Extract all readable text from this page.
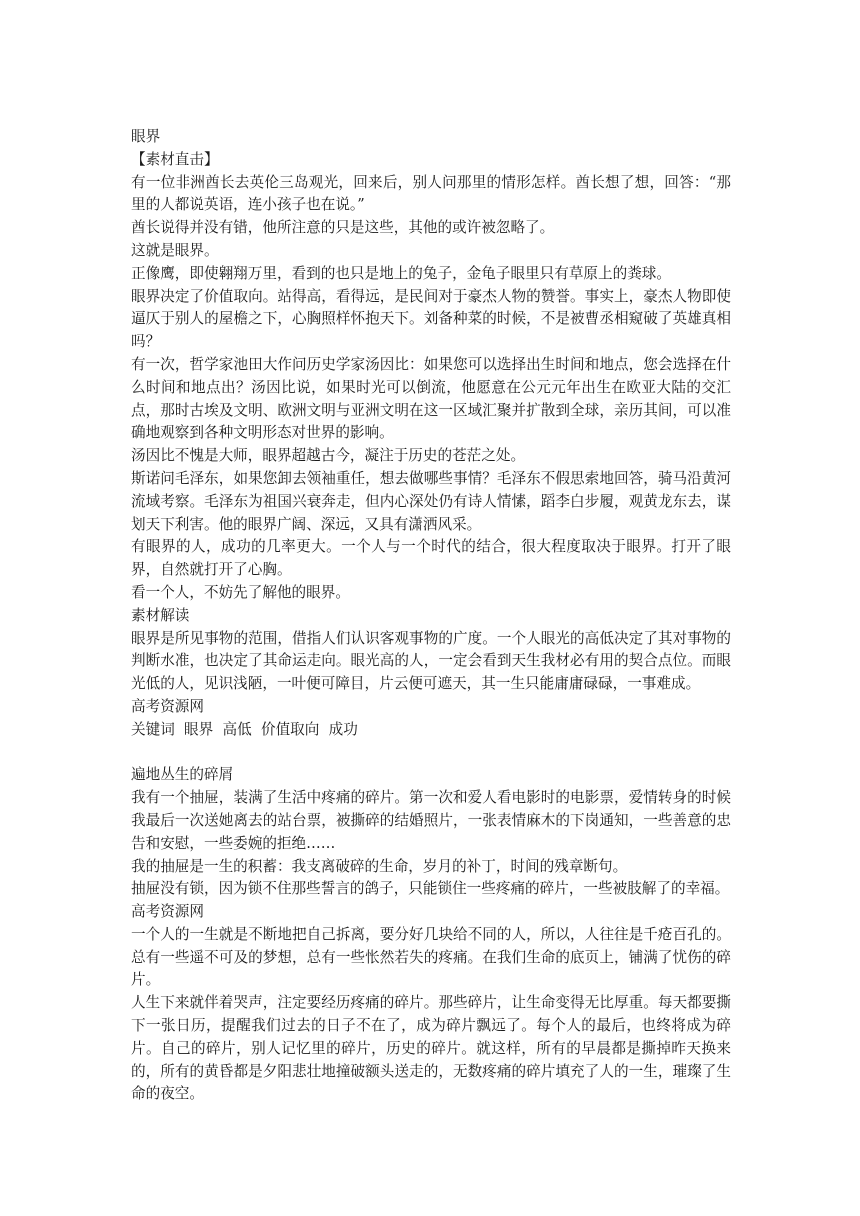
眼界
【素材直击】
有一位非洲酋长去英伦三岛观光，回来后，别人问那里的情形怎样。酋长想了想，回答：“那里的人都说英语，连小孩子也在说。”
酋长说得并没有错，他所注意的只是这些，其他的或许被忽略了。
这就是眼界。
正像鹰，即使翱翔万里，看到的也只是地上的兔子，金龟子眼里只有草原上的粪球。
眼界决定了价值取向。站得高，看得远，是民间对于豪杰人物的赞誉。事实上，豪杰人物即使逼仄于别人的屋檐之下，心胸照样怀抱天下。刘备种菜的时候，不是被曹丞相窥破了英雄真相吗？
有一次，哲学家池田大作问历史学家汤因比：如果您可以选择出生时间和地点，您会选择在什么时间和地点出？汤因比说，如果时光可以倒流，他愿意在公元元年出生在欧亚大陆的交汇点，那时古埃及文明、欧洲文明与亚洲文明在这一区域汇聚并扩散到全球，亲历其间，可以准确地观察到各种文明形态对世界的影响。
汤因比不愧是大师，眼界超越古今，凝注于历史的苍茫之处。
斯诺问毛泽东，如果您卸去领袖重任，想去做哪些事情？毛泽东不假思索地回答，骑马沿黄河流域考察。毛泽东为祖国兴衰奔走，但内心深处仍有诗人情愫，蹈李白步履，观黄龙东去，谋划天下利害。他的眼界广阔、深远，又具有潇洒风采。
有眼界的人，成功的几率更大。一个人与一个时代的结合，很大程度取决于眼界。打开了眼界，自然就打开了心胸。
看一个人，不妨先了解他的眼界。
素材解读
眼界是所见事物的范围，借指人们认识客观事物的广度。一个人眼光的高低决定了其对事物的判断水准，也决定了其命运走向。眼光高的人，一定会看到天生我材必有用的契合点位。而眼光低的人，见识浅陋，一叶便可障目，片云便可遮天，其一生只能庸庸碌碌，一事难成。
高考资源网
关键词  眼界  高低  价值取向  成功
遍地丛生的碎屑
我有一个抽屉，装满了生活中疼痛的碎片。第一次和爱人看电影时的电影票，爱情转身的时候我最后一次送她离去的站台票，被撕碎的结婚照片，一张表情麻木的下岗通知，一些善意的忠告和安慰，一些委婉的拒绝……
我的抽屉是一生的积蓄：我支离破碎的生命，岁月的补丁，时间的残章断句。
抽屉没有锁，因为锁不住那些誓言的鸽子，只能锁住一些疼痛的碎片，一些被肢解了的幸福。
高考资源网
一个人的一生就是不断地把自己拆离，要分好几块给不同的人，所以，人往往是千疮百孔的。总有一些遥不可及的梦想，总有一些怅然若失的疼痛。在我们生命的底页上，铺满了忧伤的碎片。
人生下来就伴着哭声，注定要经历疼痛的碎片。那些碎片，让生命变得无比厚重。每天都要撕下一张日历，提醒我们过去的日子不在了，成为碎片飘远了。每个人的最后，也终将成为碎片。自己的碎片，别人记忆里的碎片，历史的碎片。就这样，所有的早晨都是撕掉昨天换来的，所有的黄昏都是夕阳悲壮地撞破额头送走的，无数疼痛的碎片填充了人的一生，璀璨了生命的夜空。
